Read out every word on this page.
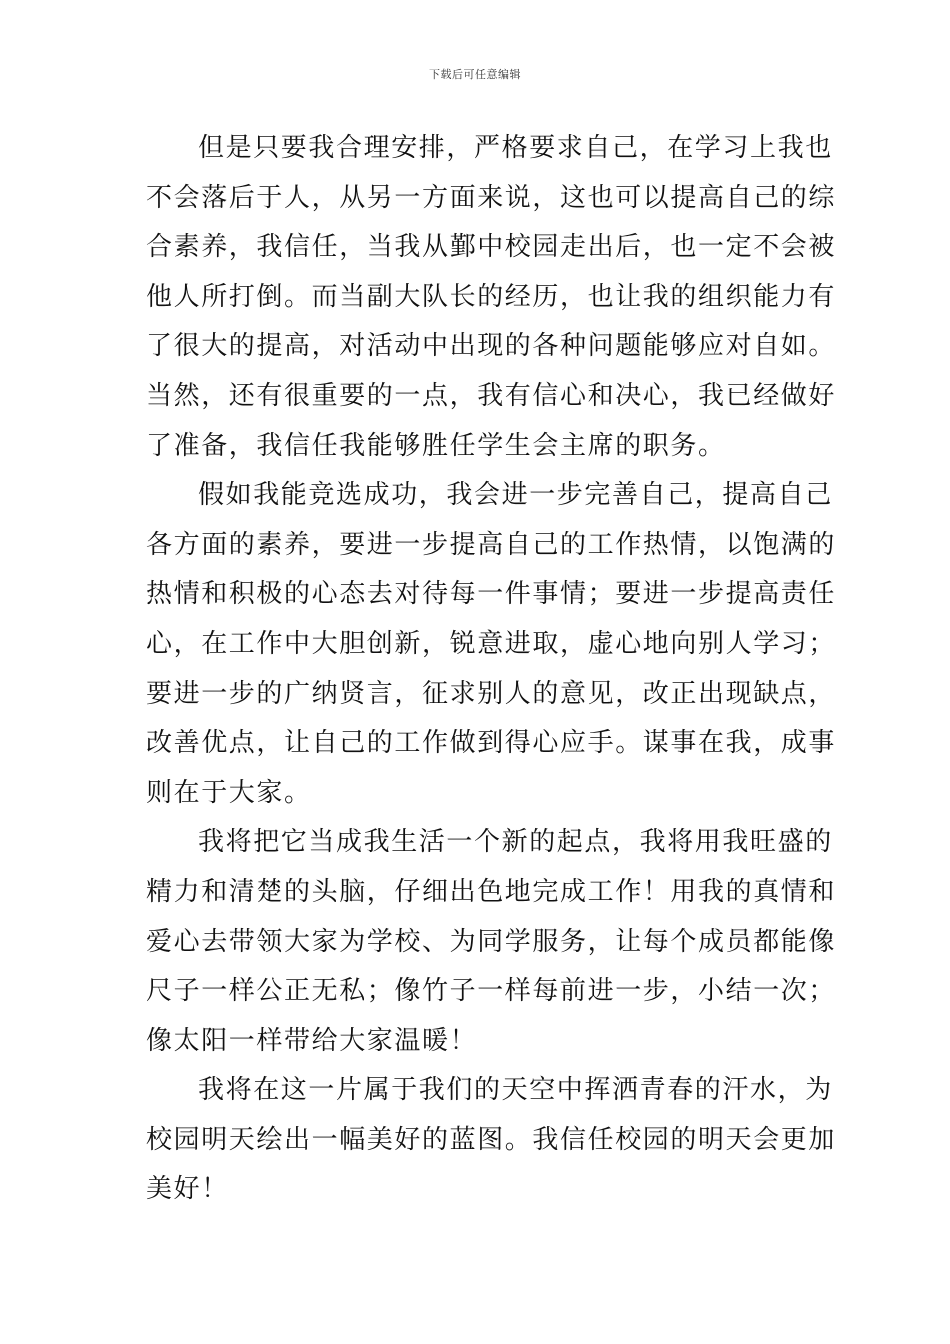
下载后可任意编辑

但是只要我合理安排，严格要求自己，在学习上我也
不会落后于人，从另一方面来说，这也可以提高自己的综
合素养，我信任，当我从鄞中校园走出后，也一定不会被
他人所打倒。而当副大队长的经历，也让我的组织能力有
了很大的提高，对活动中出现的各种问题能够应对自如。
当然，还有很重要的一点，我有信心和决心，我已经做好
了准备，我信任我能够胜任学生会主席的职务。

假如我能竞选成功，我会进一步完善自己，提高自己
各方面的素养，要进一步提高自己的工作热情，以饱满的
热情和积极的心态去对待每一件事情；要进一步提高责任
心，在工作中大胆创新，锐意进取，虚心地向别人学习；
要进一步的广纳贤言，征求别人的意见，改正出现缺点，
改善优点，让自己的工作做到得心应手。谋事在我，成事
则在于大家。

我将把它当成我生活一个新的起点，我将用我旺盛的
精力和清楚的头脑，仔细出色地完成工作！用我的真情和
爱心去带领大家为学校、为同学服务，让每个成员都能像
尺子一样公正无私；像竹子一样每前进一步，小结一次；
像太阳一样带给大家温暖！

我将在这一片属于我们的天空中挥洒青春的汗水，为
校园明天绘出一幅美好的蓝图。我信任校园的明天会更加
美好！
